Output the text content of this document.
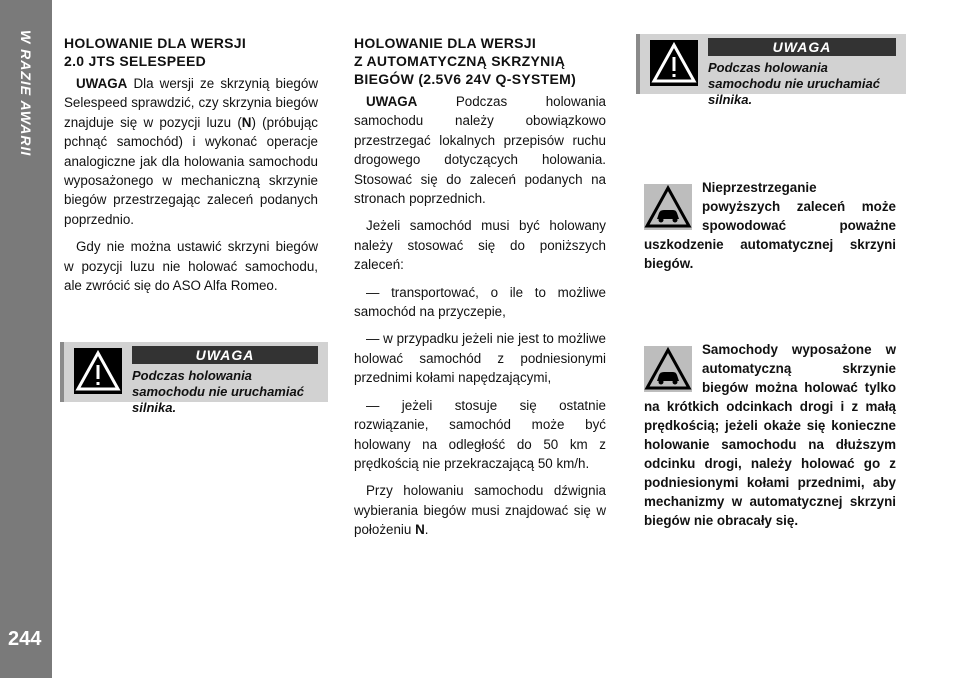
W RAZIE AWARII
244
HOLOWANIE DLA WERSJI
2.0 JTS SELESPEED

UWAGA Dla wersji ze skrzynią biegów Selespeed sprawdzić, czy skrzynia biegów znajduje się w pozycji luzu (N) (próbując pchnąć samochód) i wykonać operacje analogiczne jak dla holowania samochodu wyposażonego w mechaniczną skrzynie biegów przestrzegając zaleceń podanych poprzednio.

Gdy nie można ustawić skrzyni biegów w pozycji luzu nie holować samochodu, ale zwrócić się do ASO Alfa Romeo.

UWAGA
Podczas holowania samochodu nie uruchamiać silnika.
HOLOWANIE DLA WERSJI
Z AUTOMATYCZNĄ SKRZYNIĄ
BIEGÓW (2.5V6 24V Q-SYSTEM)

UWAGA Podczas holowania samochodu należy obowiązkowo przestrzegać lokalnych przepisów ruchu drogowego dotyczących holowania. Stosować się do zaleceń podanych na stronach poprzednich.

Jeżeli samochód musi być holowany należy stosować się do poniższych zaleceń:

— transportować, o ile to możliwe samochód na przyczepie,

— w przypadku jeżeli nie jest to możliwe holować samochód z podniesionymi przednimi kołami napędzającymi,

— jeżeli stosuje się ostatnie rozwiązanie, samochód może być holowany na odległość do 50 km z prędkością nie przekraczającą 50 km/h.

Przy holowaniu samochodu dźwignia wybierania biegów musi znajdować się w położeniu N.

UWAGA
Podczas holowania samochodu nie uruchamiać silnika.
Nieprzestrzeganie powyższych zaleceń może spowodować poważne uszkodzenie automatycznej skrzyni biegów.
Samochody wyposażone w automatyczną skrzynie biegów można holować tylko na krótkich odcinkach drogi i z małą prędkością; jeżeli okaże się konieczne holowanie samochodu na dłuższym odcinku drogi, należy holować go z podniesionymi kołami przednimi, aby mechanizmy w automatycznej skrzyni biegów nie obracały się.
